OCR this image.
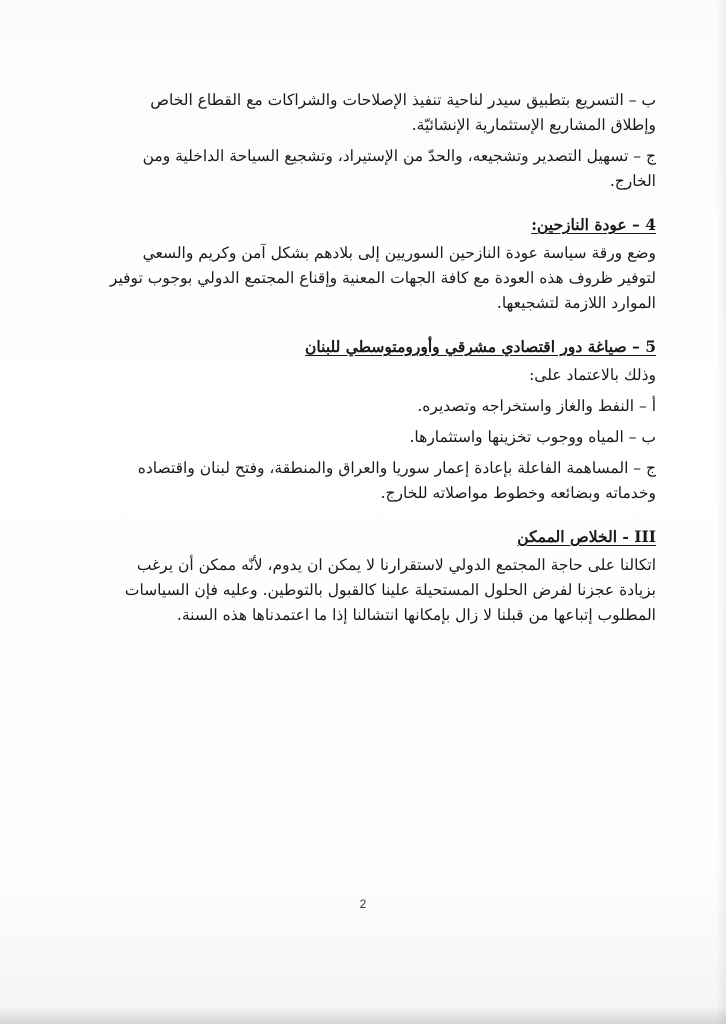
ب – التسريع بتطبيق سيدر لناحية تنفيذ الإصلاحات والشراكات مع القطاع الخاص وإطلاق المشاريع الإستثمارية الإنشائيّة.

ج – تسهيل التصدير وتشجيعه، والحدّ من الإستيراد، وتشجيع السياحة الداخلية ومن الخارج.

4 – عودة النازحين:

وضع ورقة سياسة عودة النازحين السوريين إلى بلادهم بشكل آمن وكريم والسعي لتوفير ظروف هذه العودة مع كافة الجهات المعنية وإقناع المجتمع الدولي بوجوب توفير الموارد اللازمة لتشجيعها.

5 – صياغة دور اقتصادي مشرقي وأورومتوسطي للبنان

وذلك بالاعتماد على:

أ – النفط والغاز واستخراجه وتصديره.

ب – المياه ووجوب تخزينها واستثمارها.

ج – المساهمة الفاعلة بإعادة إعمار سوريا والعراق والمنطقة، وفتح لبنان واقتصاده وخدماته وبضائعه وخطوط مواصلاته للخارج.

III - الخلاص الممكن

اتكالنا على حاجة المجتمع الدولي لاستقرارنا لا يمكن ان يدوم، لأنّه ممكن أن يرغب بزيادة عجزنا لفرض الحلول المستحيلة علينا كالقبول بالتوطين. وعليه فإن السياسات المطلوب إتباعها من قبلنا لا زال بإمكانها انتشالنا إذا ما اعتمدناها هذه السنة.

2
